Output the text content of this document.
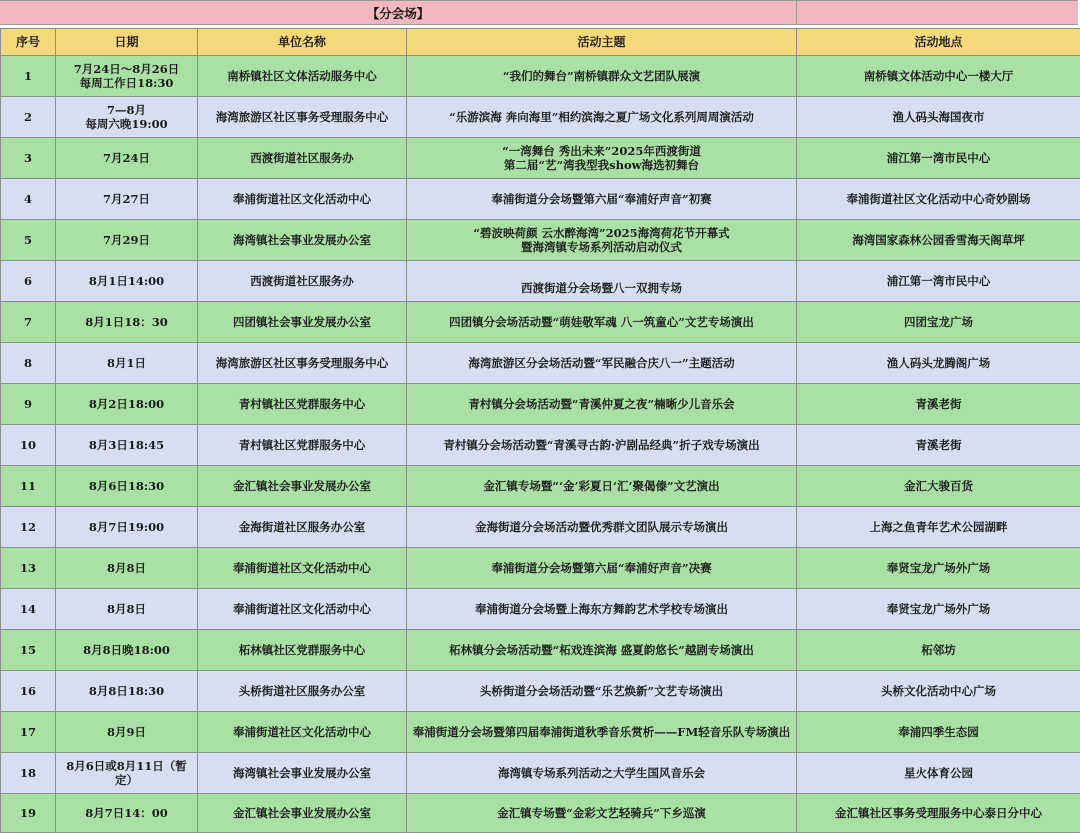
【分会场】
序号	日期	单位名称	活动主题	活动地点
1	7月24日～8月26日
每周工作日18:30	南桥镇社区文体活动服务中心	“我们的舞台”南桥镇群众文艺团队展演	南桥镇文体活动中心一楼大厅
2	7—8月
每周六晚19:00	海湾旅游区社区事务受理服务中心	“乐游滨海 奔向海里”相约滨海之夏广场文化系列周周演活动	渔人码头海国夜市
3	7月24日	西渡街道社区服务办	“一湾舞台 秀出未来”2025年西渡街道
第二届“艺”湾我型我show海选初舞台	浦江第一湾市民中心
4	7月27日	奉浦街道社区文化活动中心	奉浦街道分会场暨第六届“奉浦好声音”初赛	奉浦街道社区文化活动中心奇妙剧场
5	7月29日	海湾镇社会事业发展办公室	“碧波映荷颜 云水醉海湾”2025海湾荷花节开幕式
暨海湾镇专场系列活动启动仪式	海湾国家森林公园香雪海天阁草坪
6	8月1日14:00	西渡街道社区服务办	西渡街道分会场暨八一双拥专场	浦江第一湾市民中心
7	8月1日18：30	四团镇社会事业发展办公室	四团镇分会场活动暨“萌娃敬军魂 八一筑童心”文艺专场演出	四团宝龙广场
8	8月1日	海湾旅游区社区事务受理服务中心	海湾旅游区分会场活动暨“军民融合庆八一”主题活动	渔人码头龙腾阁广场
9	8月2日18:00	青村镇社区党群服务中心	青村镇分会场活动暨“青溪仲夏之夜”楠晰少儿音乐会	青溪老街
10	8月3日18:45	青村镇社区党群服务中心	青村镇分会场活动暨“青溪寻古韵·沪剧品经典”折子戏专场演出	青溪老街
11	8月6日18:30	金汇镇社会事业发展办公室	金汇镇专场暨“‘金’彩夏日‘汇’聚偈傣”文艺演出	金汇大骏百货
12	8月7日19:00	金海街道社区服务办公室	金海街道分会场活动暨优秀群文团队展示专场演出	上海之鱼青年艺术公园湖畔
13	8月8日	奉浦街道社区文化活动中心	奉浦街道分会场暨第六届“奉浦好声音”决赛	奉贤宝龙广场外广场
14	8月8日	奉浦街道社区文化活动中心	奉浦街道分会场暨上海东方舞韵艺术学校专场演出	奉贤宝龙广场外广场
15	8月8日晚18:00	柘林镇社区党群服务中心	柘林镇分会场活动暨“柘戏连滨海 盛夏韵悠长”越剧专场演出	柘邻坊
16	8月8日18:30	头桥街道社区服务办公室	头桥街道分会场活动暨“乐艺焕新”文艺专场演出	头桥文化活动中心广场
17	8月9日	奉浦街道社区文化活动中心	奉浦街道分会场暨第四届奉浦街道秋季音乐赏析——FM轻音乐队专场演出	奉浦四季生态园
18	8月6日或8月11日（暂定）	海湾镇社会事业发展办公室	海湾镇专场系列活动之大学生国风音乐会	星火体育公园
19	8月7日14：00	金汇镇社会事业发展办公室	金汇镇专场暨“金彩文艺轻骑兵”下乡巡演	金汇镇社区事务受理服务中心泰日分中心
